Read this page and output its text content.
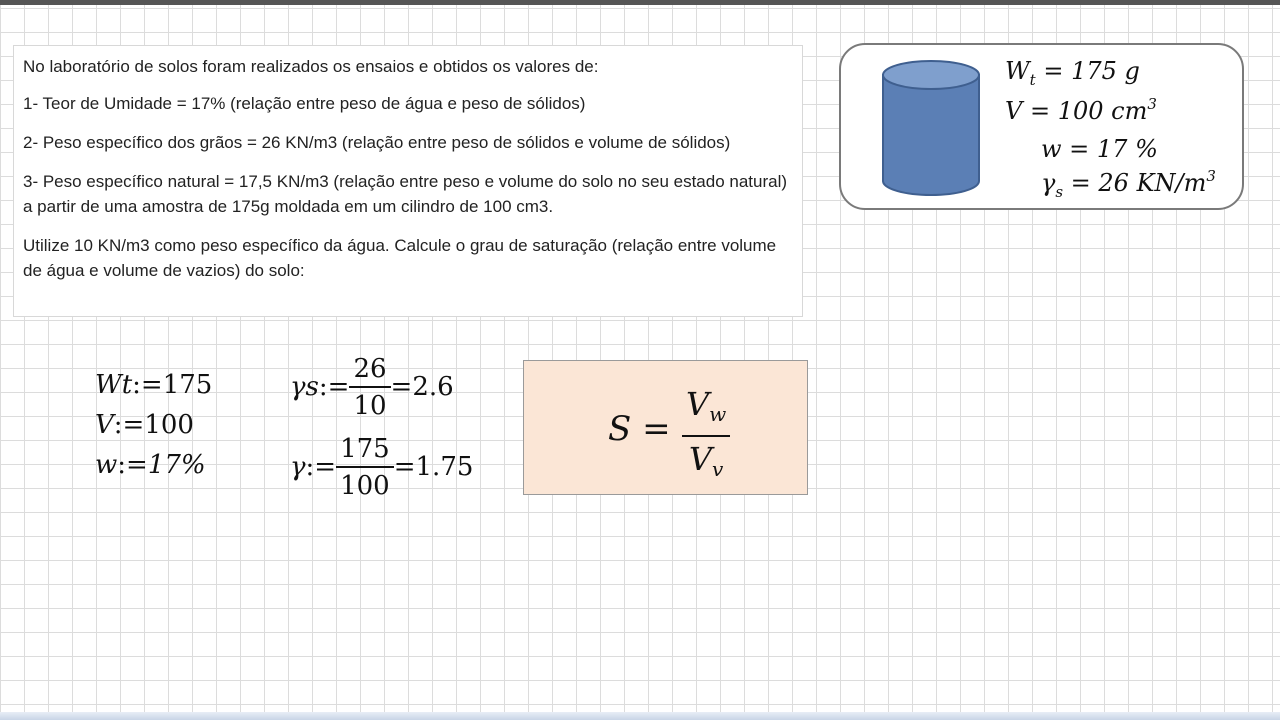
No laboratório de solos foram realizados os ensaios e obtidos os valores de:

1- Teor de Umidade = 17% (relação entre peso de água e peso de sólidos)

2- Peso específico dos grãos = 26 KN/m3 (relação entre peso de sólidos e volume de sólidos)

3- Peso específico natural = 17,5 KN/m3 (relação entre peso e volume do solo no seu estado natural) a partir de uma amostra de 175g moldada em um cilindro de 100 cm3.

Utilize 10 KN/m3 como peso específico da água. Calcule o grau de saturação (relação entre volume de água e volume de vazios) do solo:

$W_t = 175$ g
V = 100 $cm^3$
w = 17 %
$\gamma_s = 26$ $KN/m^3$
Wt:=175
V:=100
w:=17%
γs:= $\frac{26}{10} =2.6$
γ:= $\frac{175}{100} =1.75$
S =
Vw
Vv
